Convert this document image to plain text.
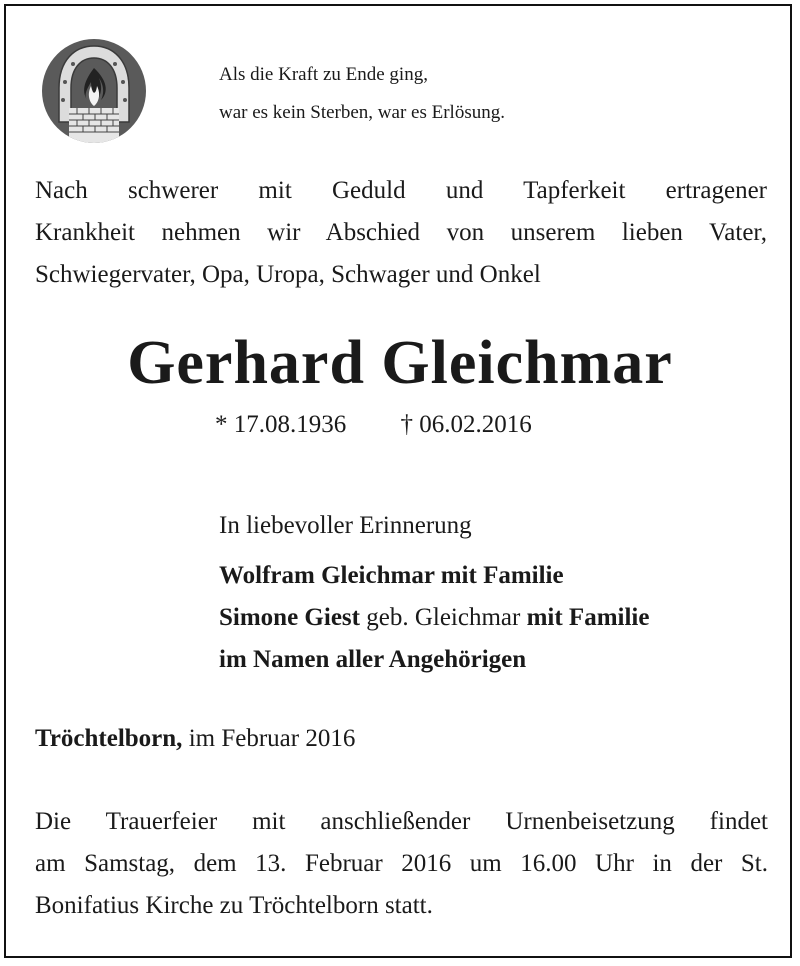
Als die Kraft zu Ende ging,
war es kein Sterben, war es Erlösung.
Nach schwerer mit Geduld und Tapferkeit ertragener
Krankheit nehmen wir Abschied von unserem lieben Vater,
Schwiegervater, Opa, Uropa, Schwager und Onkel
Gerhard Gleichmar
* 17.08.1936 † 06.02.2016
In liebevoller Erinnerung
Wolfram Gleichmar mit Familie
Simone Giest geb. Gleichmar mit Familie
im Namen aller Angehörigen
Tröchtelborn, im Februar 2016
Die Trauerfeier mit anschließender Urnenbeisetzung findet
am Samstag, dem 13. Februar 2016 um 16.00 Uhr in der St.
Bonifatius Kirche zu Tröchtelborn statt.
